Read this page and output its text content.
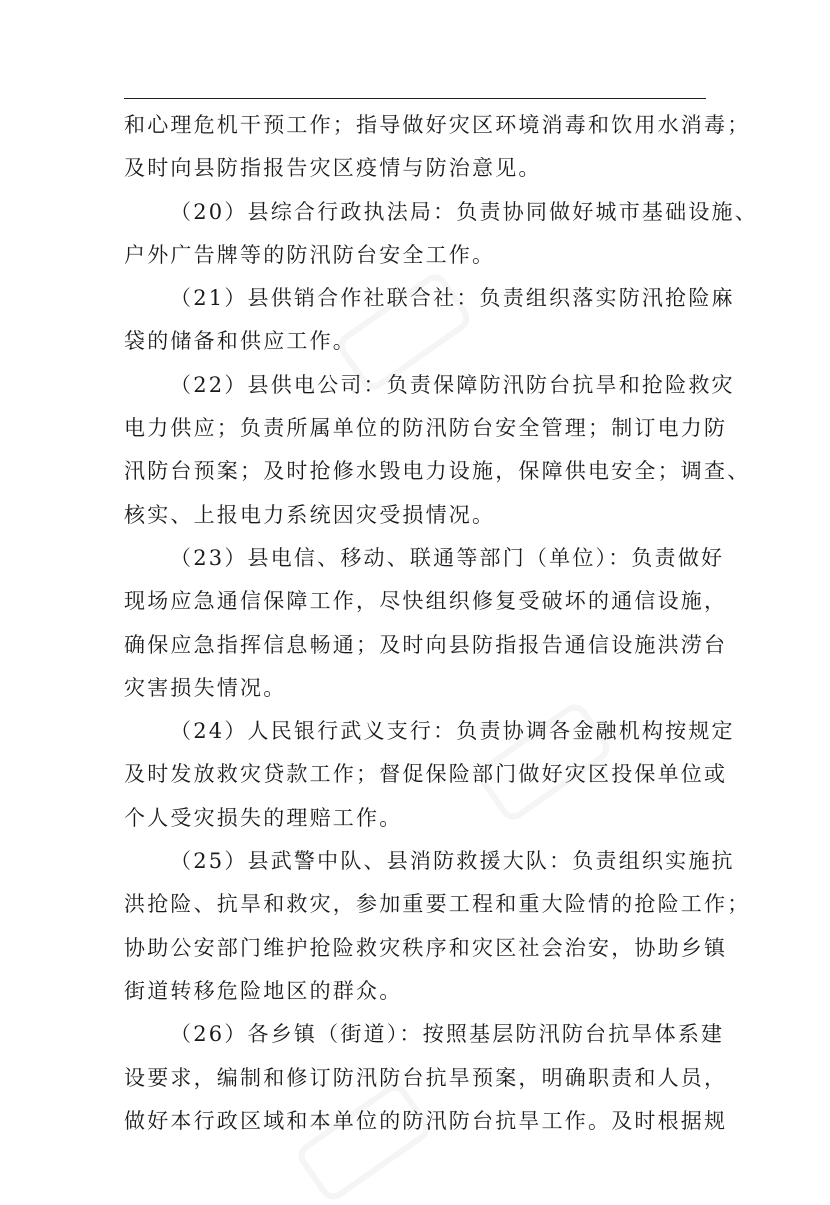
和心理危机干预工作；指导做好灾区环境消毒和饮用水消毒；
及时向县防指报告灾区疫情与防治意见。
（20）县综合行政执法局：负责协同做好城市基础设施、
户外广告牌等的防汛防台安全工作。
（21）县供销合作社联合社：负责组织落实防汛抢险麻
袋的储备和供应工作。
（22）县供电公司：负责保障防汛防台抗旱和抢险救灾
电力供应；负责所属单位的防汛防台安全管理；制订电力防
汛防台预案；及时抢修水毁电力设施，保障供电安全；调查、
核实、上报电力系统因灾受损情况。
（23）县电信、移动、联通等部门（单位）：负责做好
现场应急通信保障工作，尽快组织修复受破坏的通信设施，
确保应急指挥信息畅通；及时向县防指报告通信设施洪涝台
灾害损失情况。
（24）人民银行武义支行：负责协调各金融机构按规定
及时发放救灾贷款工作；督促保险部门做好灾区投保单位或
个人受灾损失的理赔工作。
（25）县武警中队、县消防救援大队：负责组织实施抗
洪抢险、抗旱和救灾，参加重要工程和重大险情的抢险工作；
协助公安部门维护抢险救灾秩序和灾区社会治安，协助乡镇
街道转移危险地区的群众。
（26）各乡镇（街道）：按照基层防汛防台抗旱体系建
设要求，编制和修订防汛防台抗旱预案，明确职责和人员，
做好本行政区域和本单位的防汛防台抗旱工作。及时根据规
